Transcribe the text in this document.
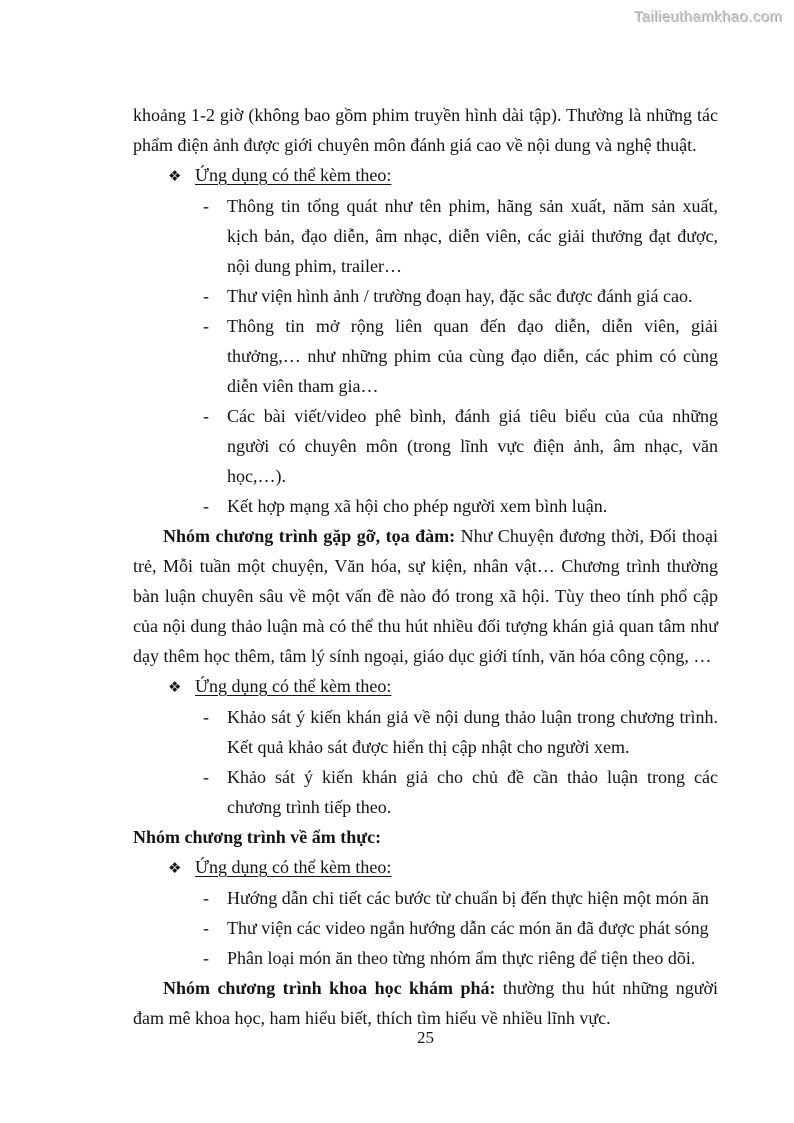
Tailieuthamkhao.com

khoảng 1-2 giờ (không bao gồm phim truyền hình dài tập). Thường là những tác phẩm điện ảnh được giới chuyên môn đánh giá cao về nội dung và nghệ thuật.

❖ Ứng dụng có thể kèm theo:
-	Thông tin tổng quát như tên phim, hãng sản xuất, năm sản xuất, kịch bản, đạo diễn, âm nhạc, diễn viên, các giải thưởng đạt được, nội dung phim, trailer…
-	Thư viện hình ảnh / trường đoạn hay, đặc sắc được đánh giá cao.
-	Thông tin mở rộng liên quan đến đạo diễn, diễn viên, giải thưởng,… như những phim của cùng đạo diễn, các phim có cùng diễn viên tham gia…
-	Các bài viết/video phê bình, đánh giá tiêu biểu của của những người có chuyên môn (trong lĩnh vực điện ảnh, âm nhạc, văn học,…).
-	Kết hợp mạng xã hội cho phép người xem bình luận.

Nhóm chương trình gặp gỡ, tọa đàm: Như Chuyện đương thời, Đối thoại trẻ, Mỗi tuần một chuyện, Văn hóa, sự kiện, nhân vật… Chương trình thường bàn luận chuyên sâu về một vấn đề nào đó trong xã hội. Tùy theo tính phổ cập của nội dung thảo luận mà có thể thu hút nhiều đối tượng khán giả quan tâm như dạy thêm học thêm, tâm lý sính ngoại, giáo dục giới tính, văn hóa công cộng, …

❖ Ứng dụng có thể kèm theo:
-	Khảo sát ý kiến khán giả về nội dung thảo luận trong chương trình. Kết quả khảo sát được hiển thị cập nhật cho người xem.
-	Khảo sát ý kiến khán giả cho chủ đề cần thảo luận trong các chương trình tiếp theo.

Nhóm chương trình về ẩm thực:

❖ Ứng dụng có thể kèm theo:
-	Hướng dẫn chi tiết các bước từ chuẩn bị đến thực hiện một món ăn
-	Thư viện các video ngắn hướng dẫn các món ăn đã được phát sóng
-	Phân loại món ăn theo từng nhóm ẩm thực riêng để tiện theo dõi.

Nhóm chương trình khoa học khám phá: thường thu hút những người đam mê khoa học, ham hiểu biết, thích tìm hiểu về nhiều lĩnh vực.

25
